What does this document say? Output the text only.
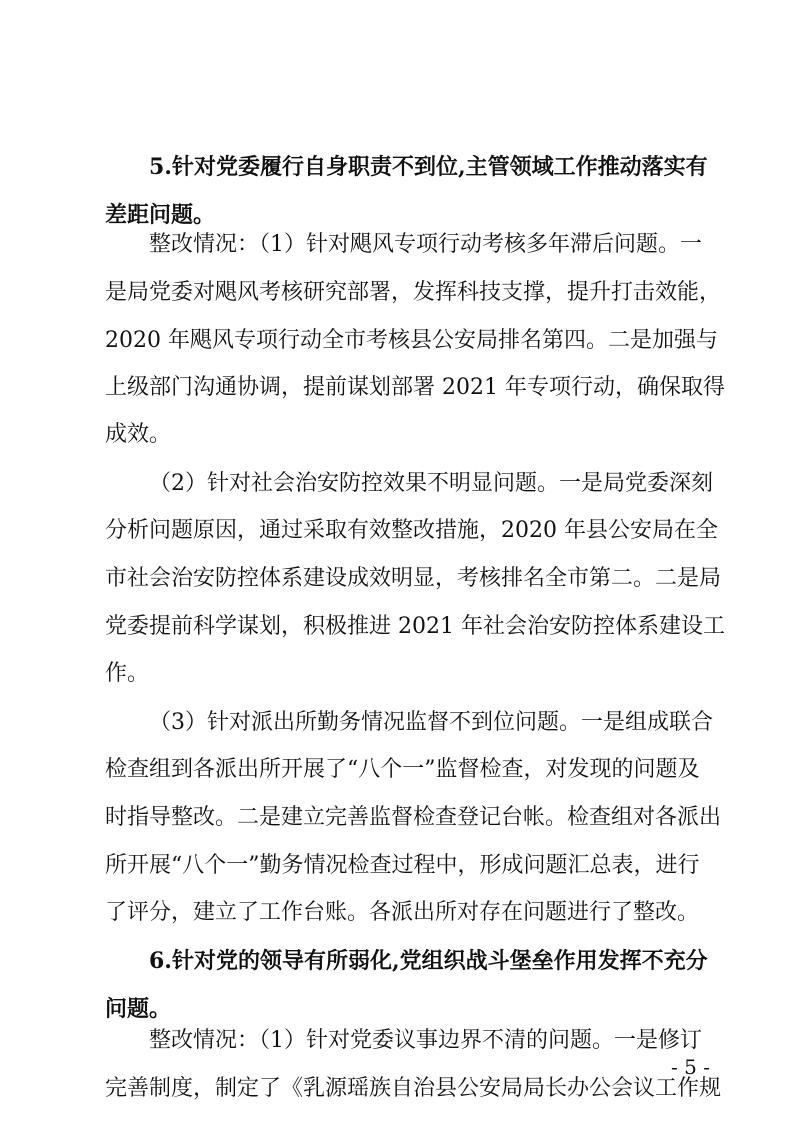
5.针对党委履行自身职责不到位,主管领域工作推动落实有
差距问题。
整改情况：（1）针对飓风专项行动考核多年滞后问题。一
是局党委对飓风考核研究部署，发挥科技支撑，提升打击效能，
2020 年飓风专项行动全市考核县公安局排名第四。二是加强与
上级部门沟通协调，提前谋划部署 2021 年专项行动，确保取得
成效。
（2）针对社会治安防控效果不明显问题。一是局党委深刻
分析问题原因，通过采取有效整改措施，2020 年县公安局在全
市社会治安防控体系建设成效明显，考核排名全市第二。二是局
党委提前科学谋划，积极推进 2021 年社会治安防控体系建设工
作。
（3）针对派出所勤务情况监督不到位问题。一是组成联合
检查组到各派出所开展了“八个一”监督检查，对发现的问题及
时指导整改。二是建立完善监督检查登记台帐。检查组对各派出
所开展“八个一”勤务情况检查过程中，形成问题汇总表，进行
了评分，建立了工作台账。各派出所对存在问题进行了整改。
6.针对党的领导有所弱化,党组织战斗堡垒作用发挥不充分
问题。
整改情况：（1）针对党委议事边界不清的问题。一是修订
完善制度，制定了《乳源瑶族自治县公安局局长办公会议工作规
- 5 -
